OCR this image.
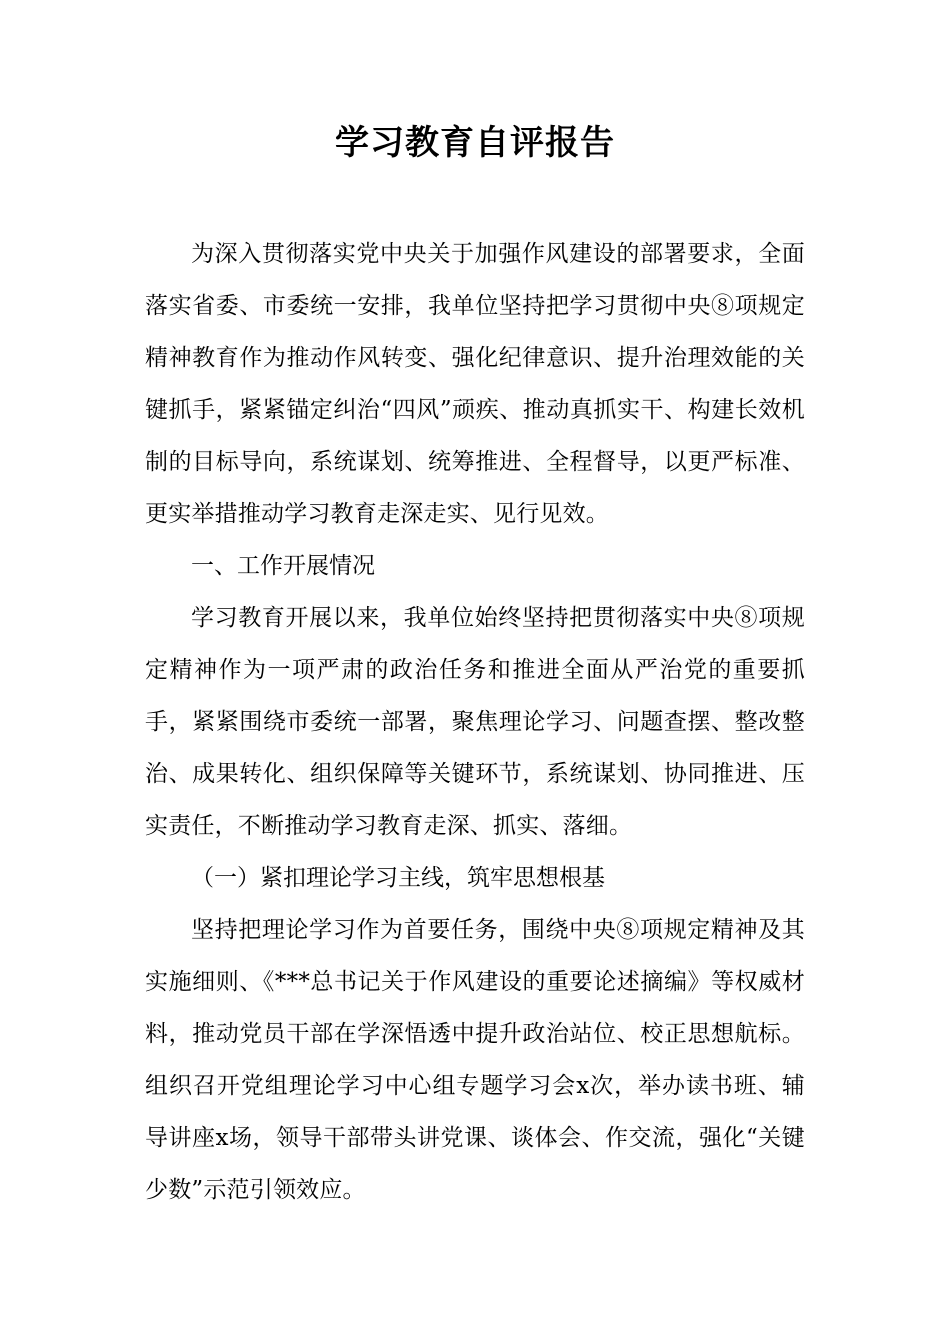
学习教育自评报告

为深入贯彻落实党中央关于加强作风建设的部署要求，全面落实省委、市委统一安排，我单位坚持把学习贯彻中央⑧项规定精神教育作为推动作风转变、强化纪律意识、提升治理效能的关键抓手，紧紧锚定纠治“四风”顽疾、推动真抓实干、构建长效机制的目标导向，系统谋划、统筹推进、全程督导，以更严标准、更实举措推动学习教育走深走实、见行见效。

一、工作开展情况

学习教育开展以来，我单位始终坚持把贯彻落实中央⑧项规定精神作为一项严肃的政治任务和推进全面从严治党的重要抓手，紧紧围绕市委统一部署，聚焦理论学习、问题查摆、整改整治、成果转化、组织保障等关键环节，系统谋划、协同推进、压实责任，不断推动学习教育走深、抓实、落细。

（一）紧扣理论学习主线，筑牢思想根基

坚持把理论学习作为首要任务，围绕中央⑧项规定精神及其实施细则、《***总书记关于作风建设的重要论述摘编》等权威材料，推动党员干部在学深悟透中提升政治站位、校正思想航标。组织召开党组理论学习中心组专题学习会x次，举办读书班、辅导讲座x场，领导干部带头讲党课、谈体会、作交流，强化“关键少数”示范引领效应。
